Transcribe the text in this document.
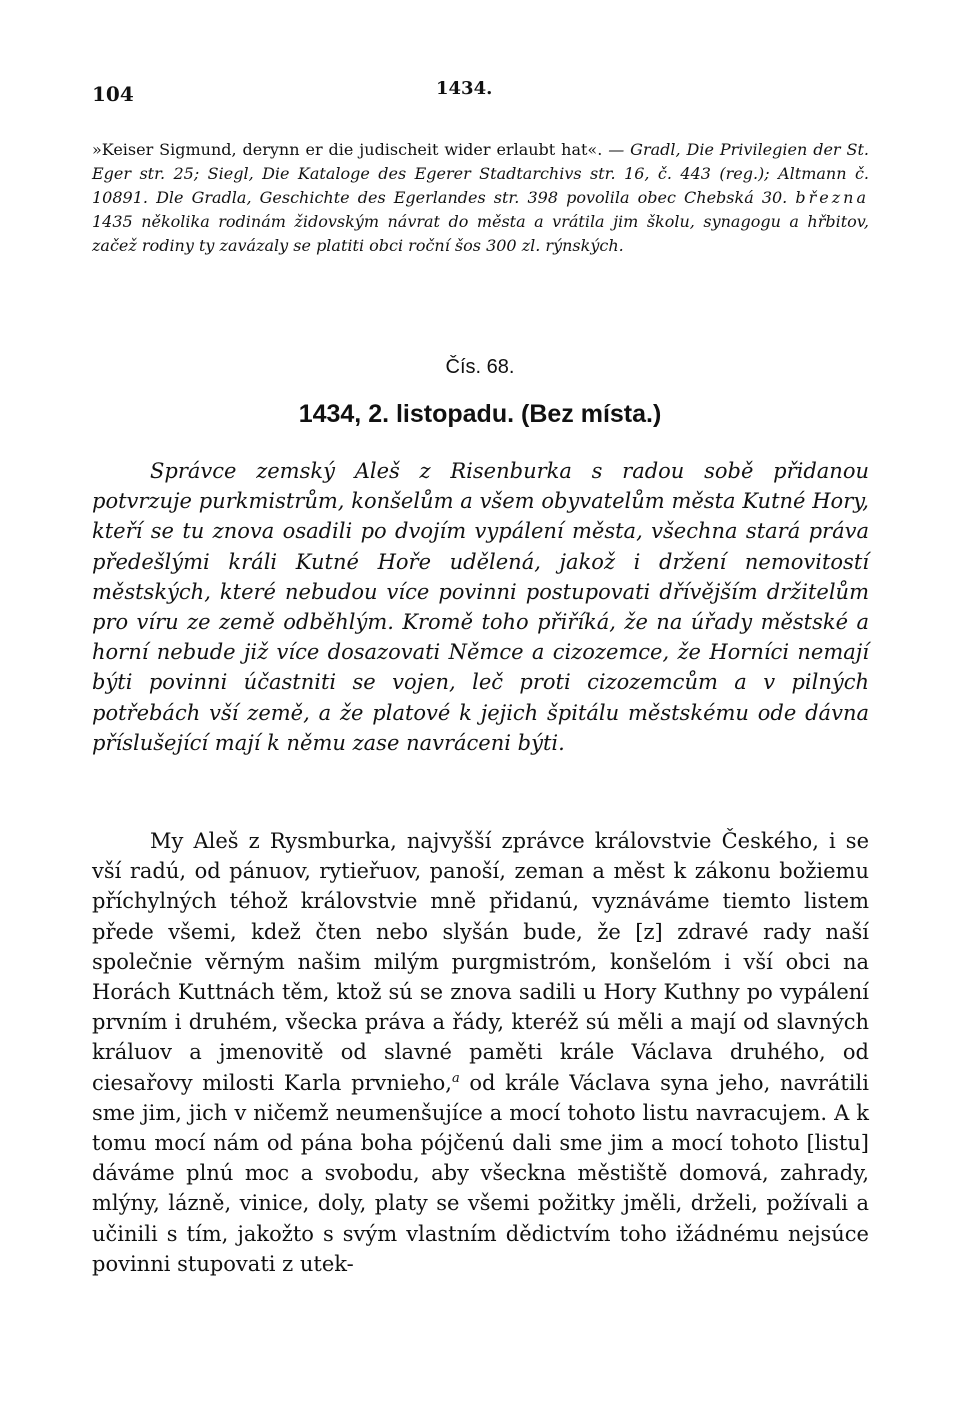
104	1434.
»Keiser Sigmund, derynn er die judischeit wider erlaubt hat«. — Gradl, Die Privilegien der St. Eger str. 25; Siegl, Die Kataloge des Egerer Stadtarchivs str. 16, č. 443 (reg.); Altmann č. 10891. Dle Gradla, Geschichte des Egerlandes str. 398 povolila obec Chebská 30. března 1435 několika rodinám židovským návrat do města a vrátila jim školu, synagogu a hřbitov, začež rodiny ty zavázaly se platiti obci roční šos 300 zl. rýnských.
Čís. 68.
1434, 2. listopadu. (Bez místa.)

Správce zemský Aleš z Risenburka s radou sobě přidanou potvrzuje purkmistrům, konšelům a všem obyvatelům města Kutné Hory, kteří se tu znova osadili po dvojím vypálení města, všechna stará práva předešlými králi Kutné Hoře udělená, jakož i držení nemovitostí městských, které nebudou více povinni postupovati dřívějším držitelům pro víru ze země odběhlým. Kromě toho přiříká, že na úřady městské a horní nebude již více dosazovati Němce a cizozemce, že Horníci nemají býti povinni účastniti se vojen, leč proti cizozemcům a v pilných potřebách vší země, a že platové k jejich špitálu městskému ode dávna příslušející mají k němu zase navráceni býti.

My Aleš z Rysmburka, najvyšší zprávce královstvie Českého, i se vší radú, od pánuov, rytieřuov, panoší, zeman a měst k zákonu božiemu příchylných téhož královstvie mně přidanú, vyznáváme tiemto listem přede všemi, kdež čten nebo slyšán bude, že [z] zdravé rady naší společnie věrným našim milým purgmistróm, konšelóm i vší obci na Horách Kuttnách těm, ktož sú se znova sadili u Hory Kuthny po vypálení prvním i druhém, všecka práva a řády, kteréž sú měli a mají od slavných králuov a jmenovitě od slavné paměti krále Václava druhého, od ciesařovy milosti Karla prvnieho,$^a$ od krále Václava syna jeho, navrátili sme jim, jich v ničemž neumenšujíce a mocí tohoto listu navracujem. A k tomu mocí nám od pána boha pójčenú dali sme jim a mocí tohoto [listu] dáváme plnú moc a svobodu, aby všeckna městiště domová, zahrady, mlýny, lázně, vinice, doly, platy se všemi požitky jměli, drželi, požívali a učinili s tím, jakožto s svým vlastním dědictvím toho ižádnému nejsúce povinni stupovati z utek-
